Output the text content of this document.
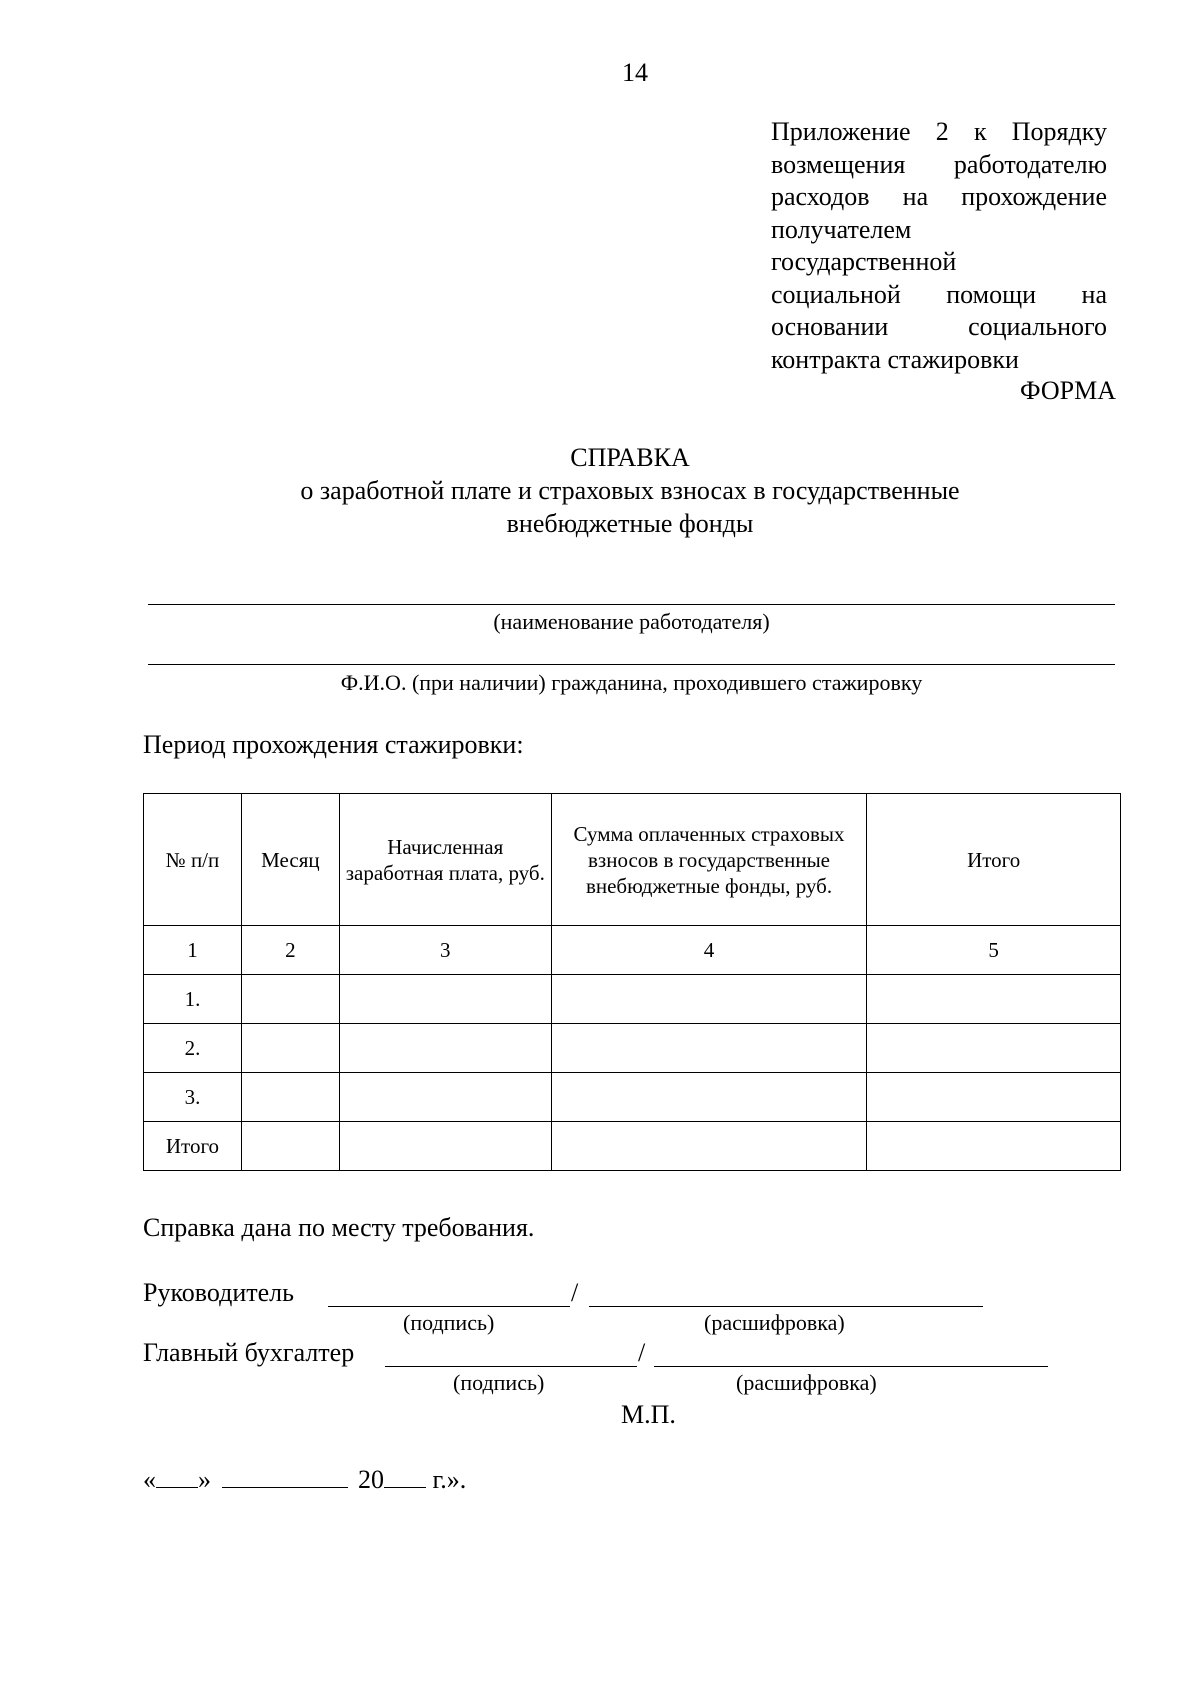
14
Приложение 2 к Порядку
возмещения работодателю
расходов на прохождение
получателем
государственной
социальной помощи на
основании социального
контракта стажировки
ФОРМА
СПРАВКА
о заработной плате и страховых взносах в государственные
внебюджетные фонды
(наименование работодателя)
Ф.И.О. (при наличии) гражданина, проходившего стажировку
Период прохождения стажировки:
№ п/п	Месяц	Начисленная заработная плата, руб.	Сумма оплаченных страховых взносов в государственные внебюджетные фонды, руб.	Итого
1	2	3	4	5
1.				
2.				
3.				
Итого				
Справка дана по месту требования.
Руководитель	/
(подпись)	(расшифровка)
Главный бухгалтер	/
(подпись)	(расшифровка)
М.П.
« »	20 г.».
